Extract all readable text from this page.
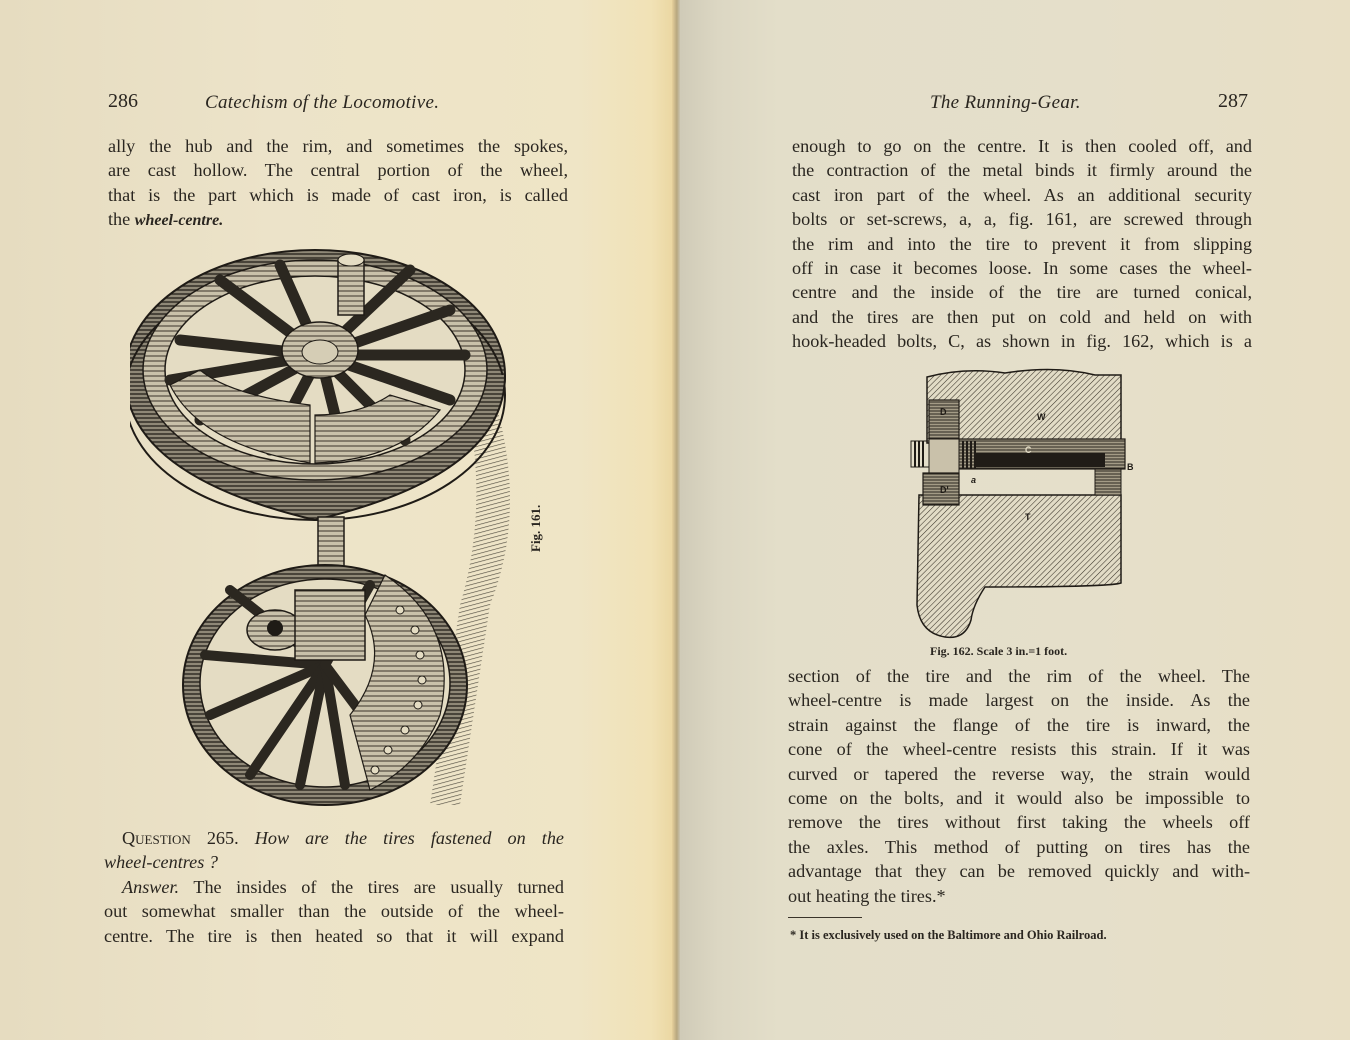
286	Catechism of the Locomotive.
ally the hub and the rim, and sometimes the spokes,
are cast hollow. The central portion of the wheel,
that is the part which is made of cast iron, is called
the wheel-centre.
Fig. 161.
Question 265. How are the tires fastened on the
wheel-centres ?
Answer. The insides of the tires are usually turned
out somewhat smaller than the outside of the wheel-
centre. The tire is then heated so that it will expand
The Running-Gear.	287
enough to go on the centre. It is then cooled off, and
the contraction of the metal binds it firmly around the
cast iron part of the wheel. As an additional security
bolts or set-screws, a, a, fig. 161, are screwed through
the rim and into the tire to prevent it from slipping
off in case it becomes loose. In some cases the wheel-
centre and the inside of the tire are turned conical,
and the tires are then put on cold and held on with
hook-headed bolts, C, as shown in fig. 162, which is a
D
D'
W
C
B
T
a
Fig. 162. Scale 3 in.=1 foot.
section of the tire and the rim of the wheel. The
wheel-centre is made largest on the inside. As the
strain against the flange of the tire is inward, the
cone of the wheel-centre resists this strain. If it was
curved or tapered the reverse way, the strain would
come on the bolts, and it would also be impossible to
remove the tires without first taking the wheels off
the axles. This method of putting on tires has the
advantage that they can be removed quickly and with-
out heating the tires.*
* It is exclusively used on the Baltimore and Ohio Railroad.
